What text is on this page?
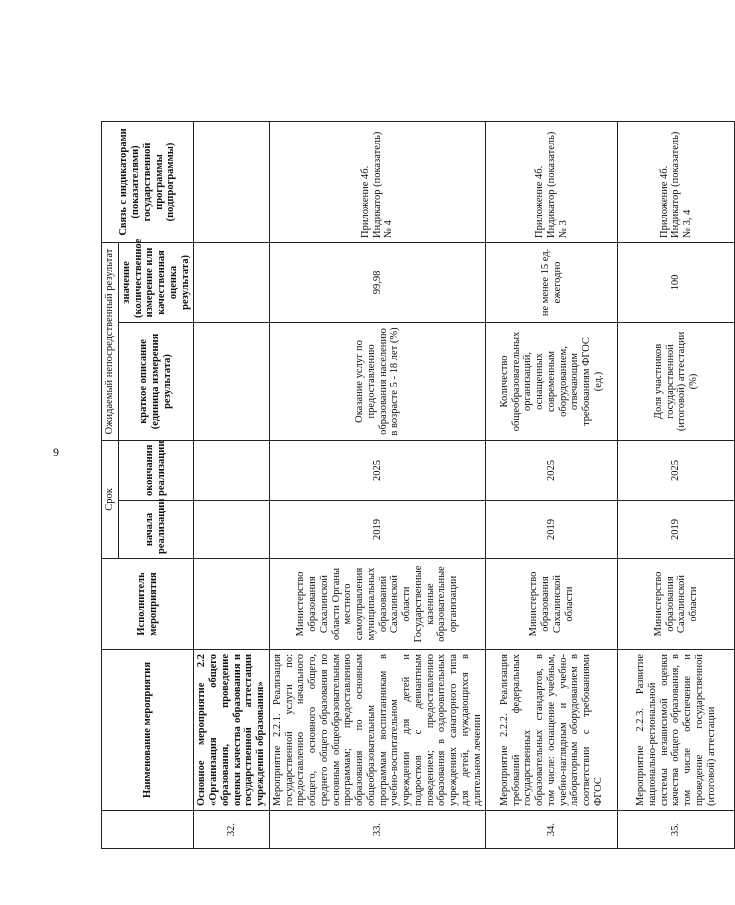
9
	Наименование мероприятия	Исполнитель мероприятия	Срок		Ожидаемый непосредственный результат		Связь с индикаторами (показателями) государственной программы (подпрограммы)
			начала реализации	окончания реализации	краткое описание (единица измерения результата)	значение (количественное измерение или качественная оценка результата)	
32.	Основное мероприятие 2.2 «Организация общего образования, проведение оценки качества образования и государственной аттестации учреждений образования»						
33.	Мероприятие 2.2.1. Реализация государственной услуги по: предоставлению начального общего, основного общего, среднего общего образования по основным общеобразовательным программам; предоставлению образования по основным общеобразовательным программам воспитанникам в учебно-воспитательном учреждении для детей и подростков с девиантным поведением; предоставлению образования в оздоровительных учреждениях санаторного типа для детей, нуждающихся в длительном лечении	Министерство образования Сахалинской области Органы местного самоуправления муниципальных образований Сахалинской области Государственные казенные образовательные организации	2019	2025	Оказание услуг по предоставлению образования населению в возрасте 5 - 18 лет (%)	99,98	Приложение 4б. Индикатор (показатель) № 4
34.	Мероприятие 2.2.2. Реализация требований федеральных государственных образовательных стандартов, в том числе: оснащение учебным, учебно-наглядным и учебно-лабораторным оборудованием в соответствии с требованиями ФГОС	Министерство образования Сахалинской области	2019	2025	Количество общеобразовательных организаций, оснащенных современным оборудованием, отвечающим требованиям ФГОС (ед.)	не менее 15 ед. ежегодно	Приложение 4б. Индикатор (показатель) № 3
35.	Мероприятие 2.2.3. Развитие национально-региональной системы независимой оценки качества общего образования, в том числе обеспечение и проведение государственной (итоговой) аттестации	Министерство образования Сахалинской области	2019	2025	Доля участников государственной (итоговой) аттестации (%)	100	Приложение 4б. Индикатор (показатель) № 3, 4
